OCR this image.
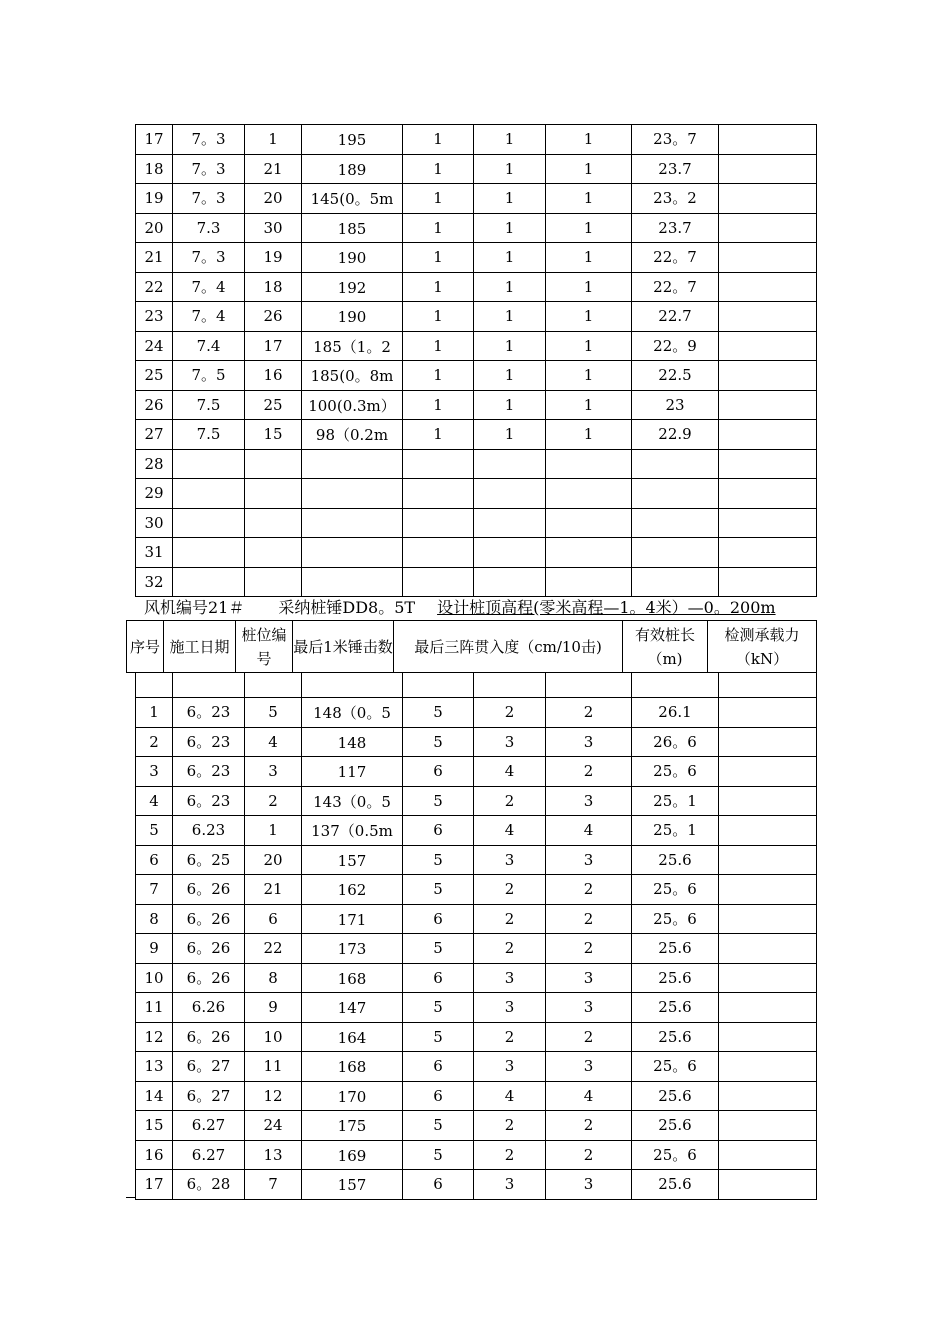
17	7。3	1	195	1	1	1	23。7	
18	7。3	21	189	1	1	1	23.7	
19	7。3	20	145(0。5m	1	1	1	23。2	
20	7.3	30	185	1	1	1	23.7	
21	7。3	19	190	1	1	1	22。7	
22	7。4	18	192	1	1	1	22。7	
23	7。4	26	190	1	1	1	22.7	
24	7.4	17	185（1。2	1	1	1	22。9	
25	7。5	16	185(0。8m	1	1	1	22.5	
26	7.5	25	100(0.3m）	1	1	1	23	
27	7.5	15	98（0.2m	1	1	1	22.9	
28								
29								
30								
31								
32								
风机编号21＃ 采纳桩锤DD8。5T 设计桩顶高程(零米高程—1。4米）—0。200m
序号	施工日期	桩位编号	最后1米锤击数	最后三阵贯入度（cm/10击)	有效桩长（m)	检测承载力（kN）

1	6。23	5	148（0。5	5	2	2	26.1	
2	6。23	4	148	5	3	3	26。6	
3	6。23	3	117	6	4	2	25。6	
4	6。23	2	143（0。5	5	2	3	25。1	
5	6.23	1	137（0.5m	6	4	4	25。1	
6	6。25	20	157	5	3	3	25.6	
7	6。26	21	162	5	2	2	25。6	
8	6。26	6	171	6	2	2	25。6	
9	6。26	22	173	5	2	2	25.6	
10	6。26	8	168	6	3	3	25.6	
11	6.26	9	147	5	3	3	25.6	
12	6。26	10	164	5	2	2	25.6	
13	6。27	11	168	6	3	3	25。6	
14	6。27	12	170	6	4	4	25.6	
15	6.27	24	175	5	2	2	25.6	
16	6.27	13	169	5	2	2	25。6	
17	6。28	7	157	6	3	3	25.6	
